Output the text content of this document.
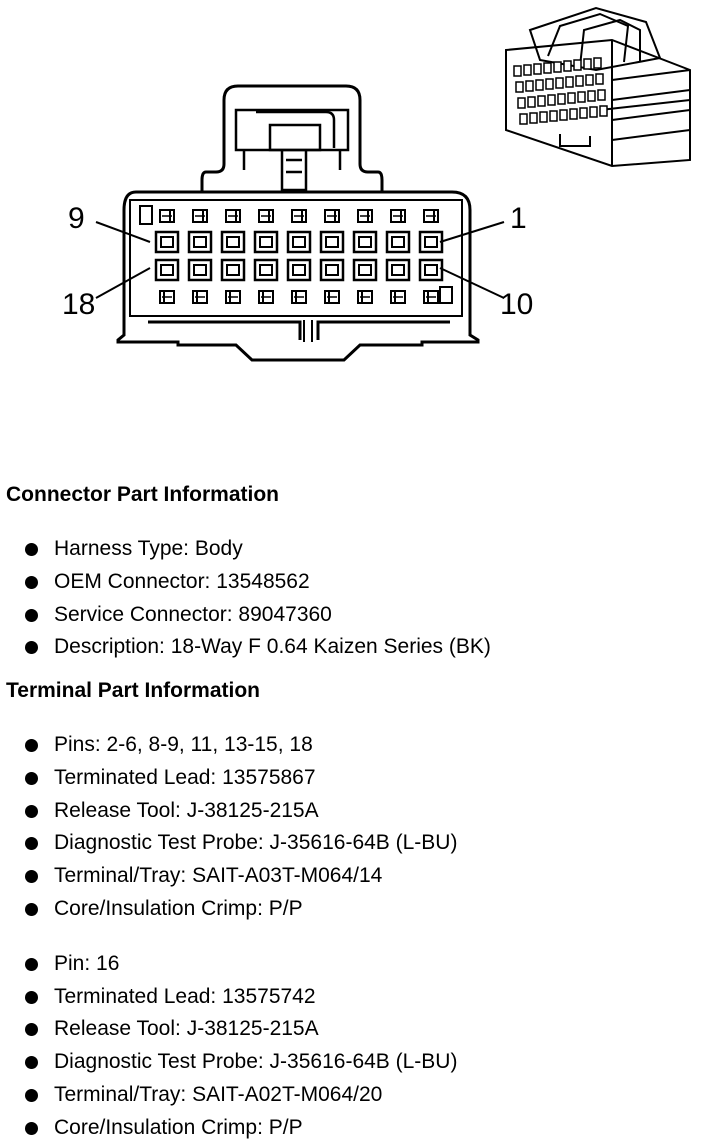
9	1
18	10
Connector Part Information
Harness Type: Body
OEM Connector: 13548562
Service Connector: 89047360
Description: 18-Way F 0.64 Kaizen Series (BK)
Terminal Part Information
Pins: 2-6, 8-9, 11, 13-15, 18
Terminated Lead: 13575867
Release Tool: J-38125-215A
Diagnostic Test Probe: J-35616-64B (L-BU)
Terminal/Tray: SAIT-A03T-M064/14
Core/Insulation Crimp: P/P
Pin: 16
Terminated Lead: 13575742
Release Tool: J-38125-215A
Diagnostic Test Probe: J-35616-64B (L-BU)
Terminal/Tray: SAIT-A02T-M064/20
Core/Insulation Crimp: P/P
